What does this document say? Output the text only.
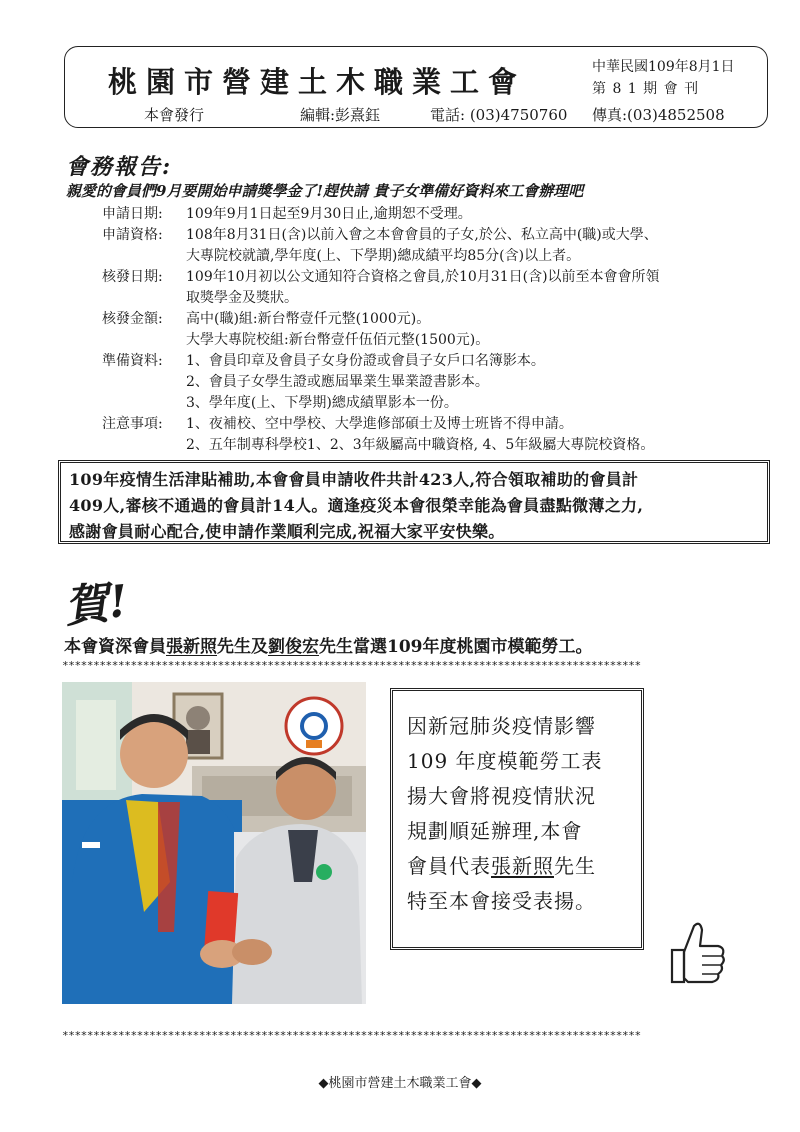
桃園市營建土木職業工會	中華民國109年8月1日
第 8 1 期 會 刊
本會發行	編輯:彭熹鈺	電話: (03)4750760 傳真:(03)4852508
會務報告:
親愛的會員們9月要開始申請獎學金了!趕快請 貴子女準備好資料來工會辦理吧
申請日期:	109年9月1日起至9月30日止,逾期恕不受理。
申請資格:	108年8月31日(含)以前入會之本會會員的子女,於公、私立高中(職)或大學、
大專院校就讀,學年度(上、下學期)總成績平均85分(含)以上者。
核發日期:	109年10月初以公文通知符合資格之會員,於10月31日(含)以前至本會會所領
取獎學金及獎狀。
核發金額:	高中(職)組:新台幣壹仟元整(1000元)。
大學大專院校組:新台幣壹仟伍佰元整(1500元)。
準備資料:	1、會員印章及會員子女身份證或會員子女戶口名簿影本。
2、會員子女學生證或應屆畢業生畢業證書影本。
3、學年度(上、下學期)總成績單影本一份。
注意事項:	1、夜補校、空中學校、大學進修部碩士及博士班皆不得申請。
2、五年制專科學校1、2、3年級屬高中職資格, 4、5年級屬大專院校資格。

109年疫情生活津貼補助,本會會員申請收件共計423人,符合領取補助的會員計

409人,審核不通過的會員計14人。適逢疫災本會很榮幸能為會員盡點微薄之力,

感謝會員耐心配合,使申請作業順利完成,祝福大家平安快樂。

賀!
本會資深會員張新照先生及劉俊宏先生當選109年度桃園市模範勞工。
*********************************************************************************************
因新冠肺炎疫情影響
109 年度模範勞工表
揚大會將視疫情狀況
規劃順延辦理,本會
會員代表張新照先生
特至本會接受表揚。
*********************************************************************************************
◆桃園市營建土木職業工會◆
